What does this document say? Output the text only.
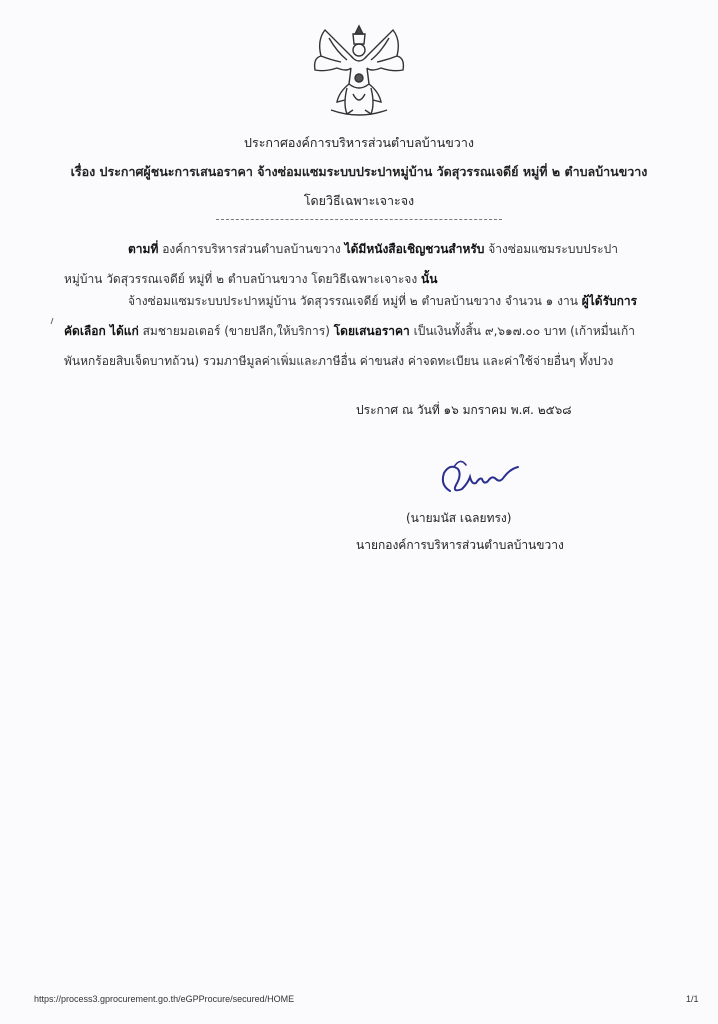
ประกาศองค์การบริหารส่วนตำบลบ้านขวาง
เรื่อง ประกาศผู้ชนะการเสนอราคา จ้างซ่อมแซมระบบประปาหมู่บ้าน วัดสุวรรณเจดีย์ หมู่ที่ ๒ ตำบลบ้านขวาง
โดยวิธีเฉพาะเจาะจง
ตามที่ องค์การบริหารส่วนตำบลบ้านขวาง ได้มีหนังสือเชิญชวนสำหรับ จ้างซ่อมแซมระบบประปา
หมู่บ้าน วัดสุวรรณเจดีย์ หมู่ที่ ๒ ตำบลบ้านขวาง โดยวิธีเฉพาะเจาะจง นั้น
จ้างซ่อมแซมระบบประปาหมู่บ้าน วัดสุวรรณเจดีย์ หมู่ที่ ๒ ตำบลบ้านขวาง จำนวน ๑ งาน ผู้ได้รับการ
คัดเลือก ได้แก่ สมชายมอเตอร์ (ขายปลีก,ให้บริการ) โดยเสนอราคา เป็นเงินทั้งสิ้น ๙,๖๑๗.๐๐ บาท (เก้าหมื่นเก้า
พันหกร้อยสิบเจ็ดบาทถ้วน) รวมภาษีมูลค่าเพิ่มและภาษีอื่น ค่าขนส่ง ค่าจดทะเบียน และค่าใช้จ่ายอื่นๆ ทั้งปวง
ประกาศ ณ วันที่ ๑๖ มกราคม พ.ศ. ๒๕๖๘
(นายมนัส เฉลยทรง)
นายกองค์การบริหารส่วนตำบลบ้านขวาง
https://process3.gprocurement.go.th/eGPProcure/secured/HOME	1/1
